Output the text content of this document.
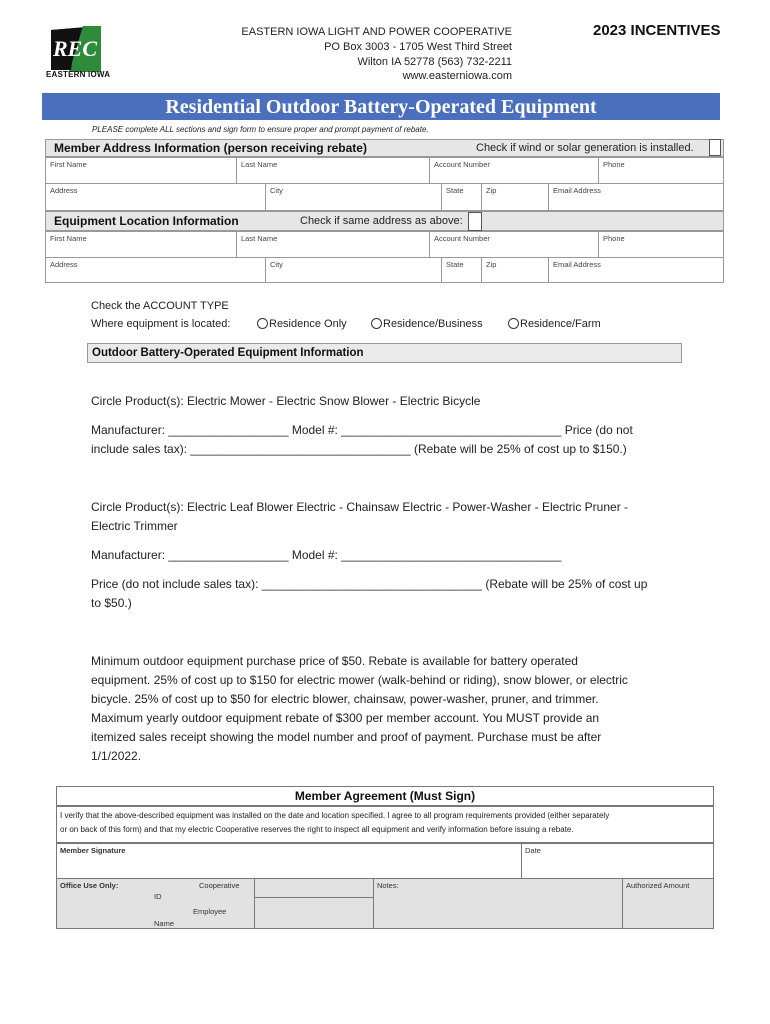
REC
EASTERN IOWA
EASTERN IOWA LIGHT AND POWER COOPERATIVE
PO Box 3003 - 1705 West Third Street
Wilton IA 52778 (563) 732-2211
www.easterniowa.com
2023 INCENTIVES
Residential Outdoor Battery-Operated Equipment
PLEASE complete ALL sections and sign form to ensure proper and prompt payment of rebate.
Member Address Information (person receiving rebate)	Check if wind or solar generation is installed.
First Name	Last Name	Account Number	Phone
Address	City	State	Zip	Email Address
Equipment Location Information	Check if same address as above:
First Name	Last Name	Account Number	Phone
Address	City	State	Zip	Email Address
Check the ACCOUNT TYPE
Where equipment is located:	Residence Only	Residence/Business	Residence/Farm
Outdoor Battery-Operated Equipment Information
Circle Product(s): Electric Mower - Electric Snow Blower - Electric Bicycle
Manufacturer: __________________ Model #: _________________________________ Price (do not
include sales tax): _________________________________ (Rebate will be 25% of cost up to $150.)
Circle Product(s): Electric Leaf Blower Electric - Chainsaw Electric - Power-Washer - Electric Pruner -
Electric Trimmer
Manufacturer: __________________ Model #: _________________________________
Price (do not include sales tax): _________________________________ (Rebate will be 25% of cost up
to $50.)
Minimum outdoor equipment purchase price of $50. Rebate is available for battery operated
equipment. 25% of cost up to $150 for electric mower (walk-behind or riding), snow blower, or electric
bicycle. 25% of cost up to $50 for electric blower, chainsaw, power-washer, pruner, and trimmer.
Maximum yearly outdoor equipment rebate of $300 per member account. You MUST provide an
itemized sales receipt showing the model number and proof of payment. Purchase must be after
1/1/2022.
Member Agreement (Must Sign)
I verify that the above-described equipment was installed on the date and location specified. I agree to all program requirements provided (either separately
or on back of this form) and that my electric Cooperative reserves the right to inspect all equipment and verify information before issuing a rebate.
Member Signature	Date
Office Use Only:	Cooperative
ID
Employee
Name
Notes:	Authorized Amount
